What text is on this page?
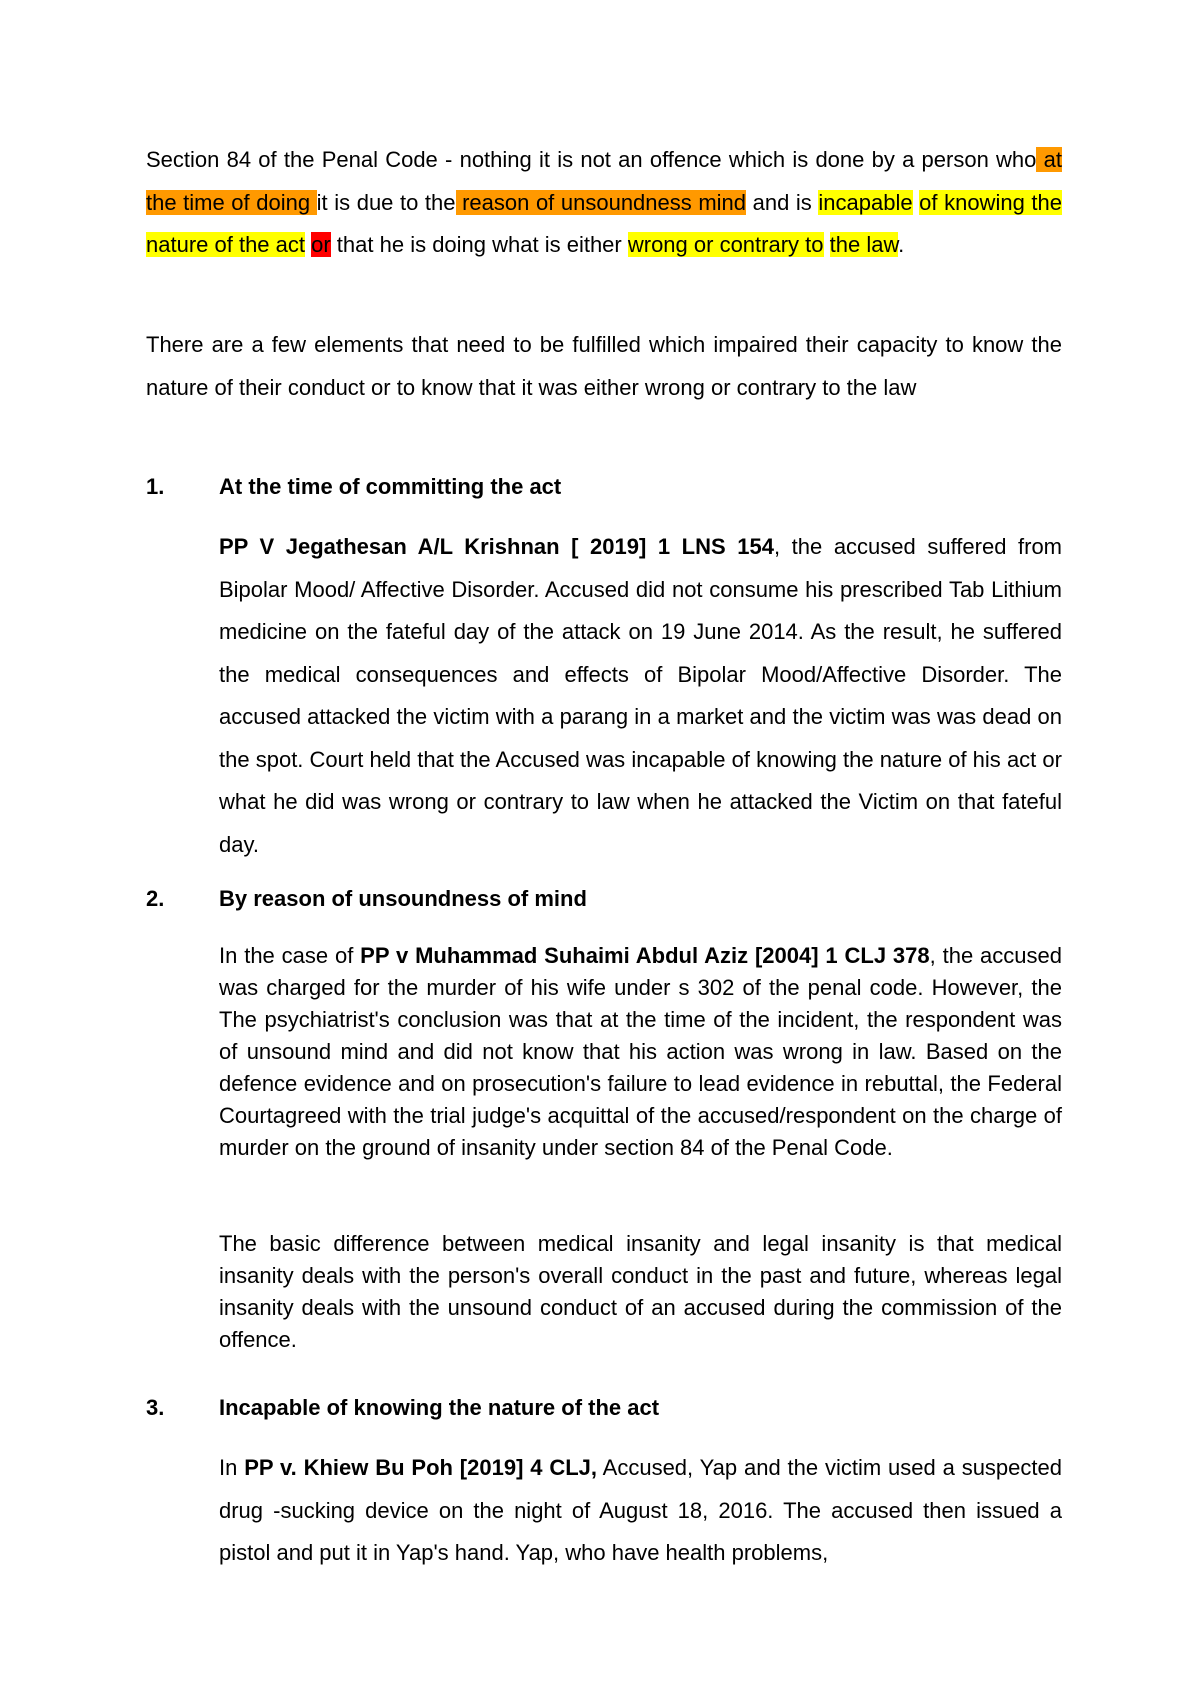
Section 84 of the Penal Code - nothing it is not an offence which is done by a person who at the time of doing it is due to the reason of unsoundness mind and is incapable of knowing the nature of the act or that he is doing what is either wrong or contrary to the law.

There are a few elements that need to be fulfilled which impaired their capacity to know the nature of their conduct or to know that it was either wrong or contrary to the law

1. At the time of committing the act

PP V Jegathesan A/L Krishnan [ 2019] 1 LNS 154, the accused suffered from Bipolar Mood/ Affective Disorder. Accused did not consume his prescribed Tab Lithium medicine on the fateful day of the attack on 19 June 2014. As the result, he suffered the medical consequences and effects of Bipolar Mood/Affective Disorder. The accused attacked the victim with a parang in a market and the victim was was dead on the spot. Court held that the Accused was incapable of knowing the nature of his act or what he did was wrong or contrary to law when he attacked the Victim on that fateful day.

2. By reason of unsoundness of mind

In the case of PP v Muhammad Suhaimi Abdul Aziz [2004] 1 CLJ 378, the accused was charged for the murder of his wife under s 302 of the penal code. However, the The psychiatrist's conclusion was that at the time of the incident, the respondent was of unsound mind and did not know that his action was wrong in law. Based on the defence evidence and on prosecution's failure to lead evidence in rebuttal, the Federal Courtagreed with the trial judge's acquittal of the accused/respondent on the charge of murder on the ground of insanity under section 84 of the Penal Code.

The basic difference between medical insanity and legal insanity is that medical insanity deals with the person's overall conduct in the past and future, whereas legal insanity deals with the unsound conduct of an accused during the commission of the offence.

3. Incapable of knowing the nature of the act

In PP v. Khiew Bu Poh [2019] 4 CLJ, Accused, Yap and the victim used a suspected drug -sucking device on the night of August 18, 2016. The accused then issued a pistol and put it in Yap's hand. Yap, who have health problems,
